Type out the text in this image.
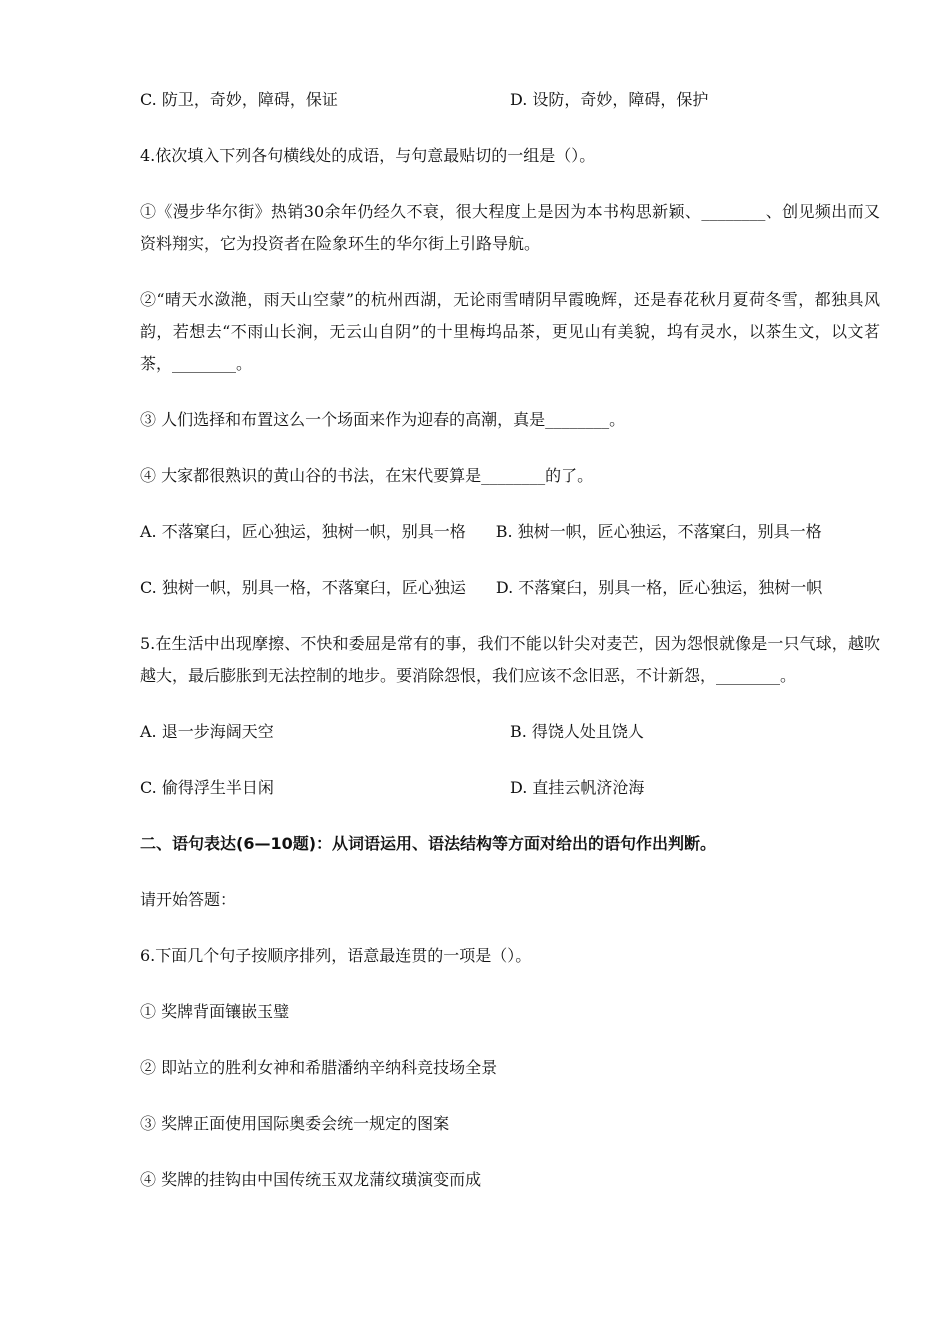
C. 防卫，奇妙，障碍，保证	D. 设防，奇妙，障碍，保护

4.依次填入下列各句横线处的成语，与句意最贴切的一组是（）。

①《漫步华尔街》热销30余年仍经久不衰，很大程度上是因为本书构思新颖、________、创见频出而又资料翔实，它为投资者在险象环生的华尔街上引路导航。

②“晴天水潋滟，雨天山空蒙”的杭州西湖，无论雨雪晴阴早霞晚辉，还是春花秋月夏荷冬雪，都独具风韵，若想去“不雨山长涧，无云山自阴”的十里梅坞品茶，更见山有美貌，坞有灵水，以茶生文，以文茗茶，________。

③ 人们选择和布置这么一个场面来作为迎春的高潮，真是________。

④ 大家都很熟识的黄山谷的书法，在宋代要算是________的了。

A. 不落窠臼，匠心独运，独树一帜，别具一格 B. 独树一帜，匠心独运，不落窠臼，别具一格
C. 独树一帜，别具一格，不落窠臼，匠心独运 D. 不落窠臼，别具一格，匠心独运，独树一帜

5.在生活中出现摩擦、不快和委屈是常有的事，我们不能以针尖对麦芒，因为怨恨就像是一只气球，越吹越大，最后膨胀到无法控制的地步。要消除怨恨，我们应该不念旧恶，不计新怨，________。

A. 退一步海阔天空	B. 得饶人处且饶人
C. 偷得浮生半日闲	D. 直挂云帆济沧海

二、语句表达(6—10题)：从词语运用、语法结构等方面对给出的语句作出判断。

请开始答题：

6.下面几个句子按顺序排列，语意最连贯的一项是（）。

① 奖牌背面镶嵌玉璧

② 即站立的胜利女神和希腊潘纳辛纳科竞技场全景

③ 奖牌正面使用国际奥委会统一规定的图案

④ 奖牌的挂钩由中国传统玉双龙蒲纹璜演变而成
